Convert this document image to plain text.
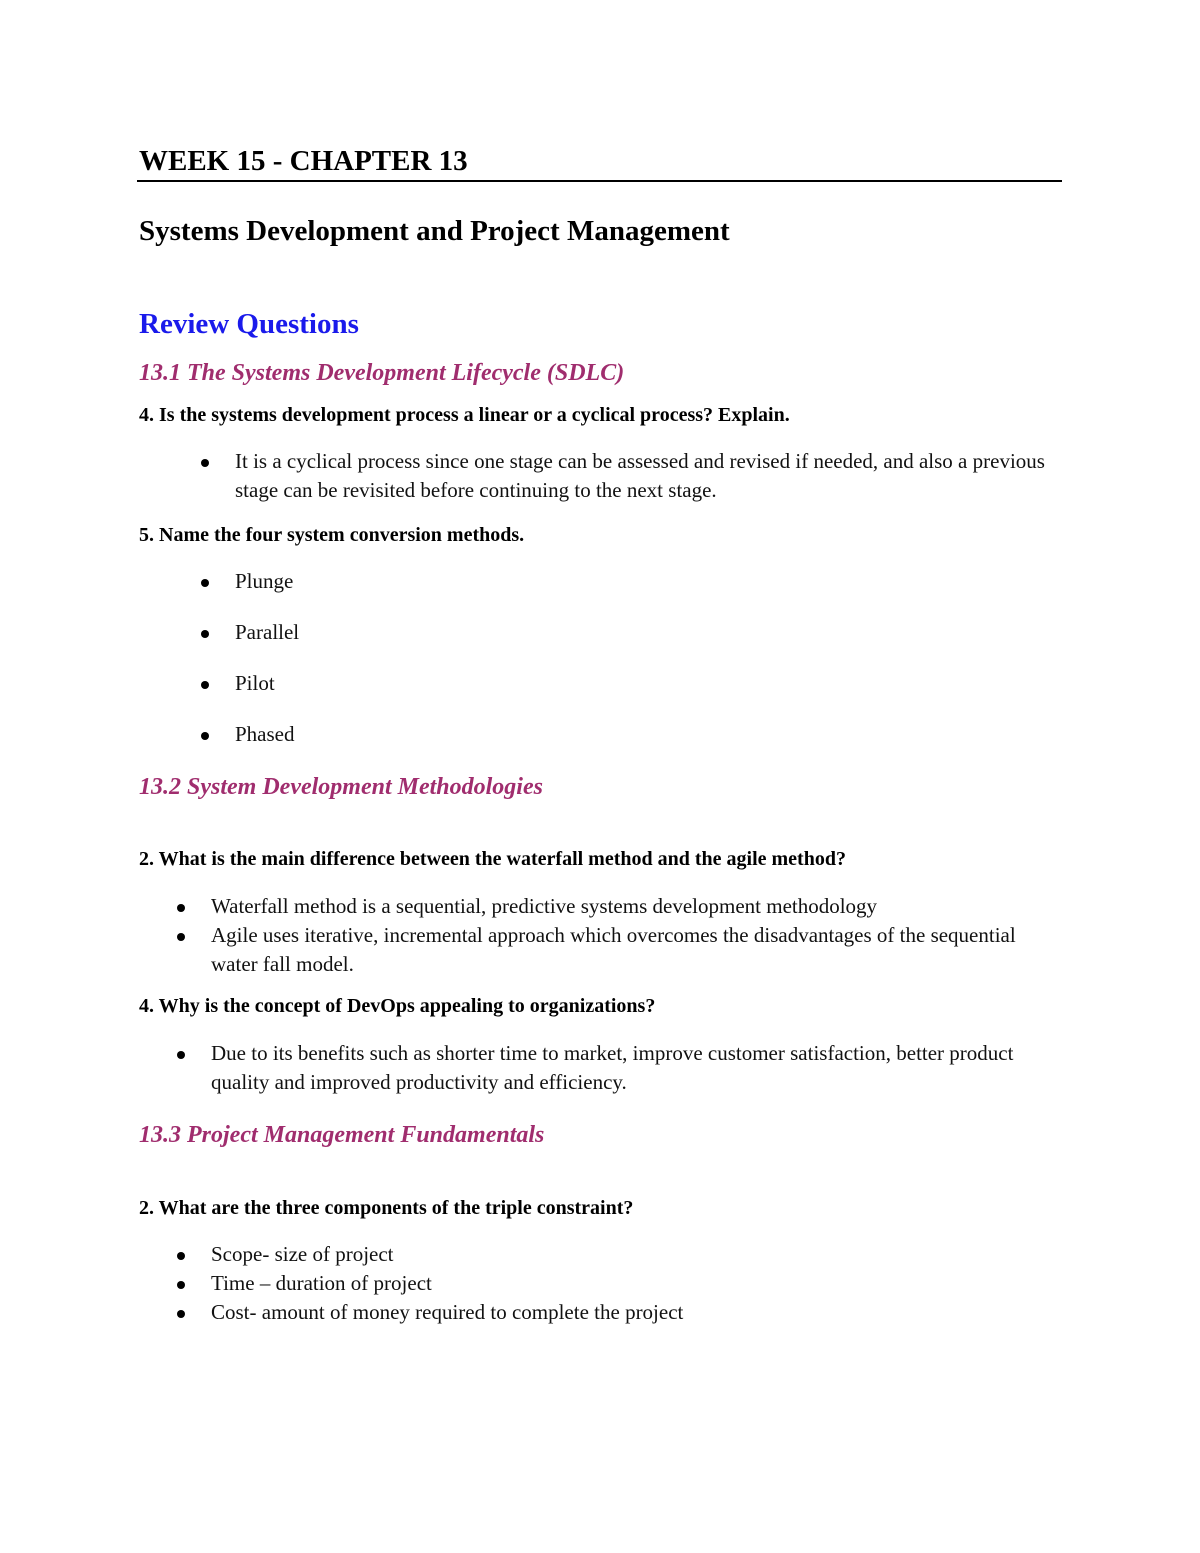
WEEK 15 - CHAPTER 13
Systems Development and Project Management
Review Questions
13.1 The Systems Development Lifecycle (SDLC)

4. Is the systems development process a linear or a cyclical process? Explain.

It is a cyclical process since one stage can be assessed and revised if needed, and also a previous stage can be revisited before continuing to the next stage.

5. Name the four system conversion methods.

Plunge
Parallel
Pilot
Phased
13.2 System Development Methodologies

2. What is the main difference between the waterfall method and the agile method?

Waterfall method is a sequential, predictive systems development methodology
Agile uses iterative, incremental approach which overcomes the disadvantages of the sequential water fall model.

4. Why is the concept of DevOps appealing to organizations?

Due to its benefits such as shorter time to market, improve customer satisfaction, better product quality and improved productivity and efficiency.
13.3 Project Management Fundamentals

2. What are the three components of the triple constraint?

Scope- size of project
Time – duration of project
Cost- amount of money required to complete the project
